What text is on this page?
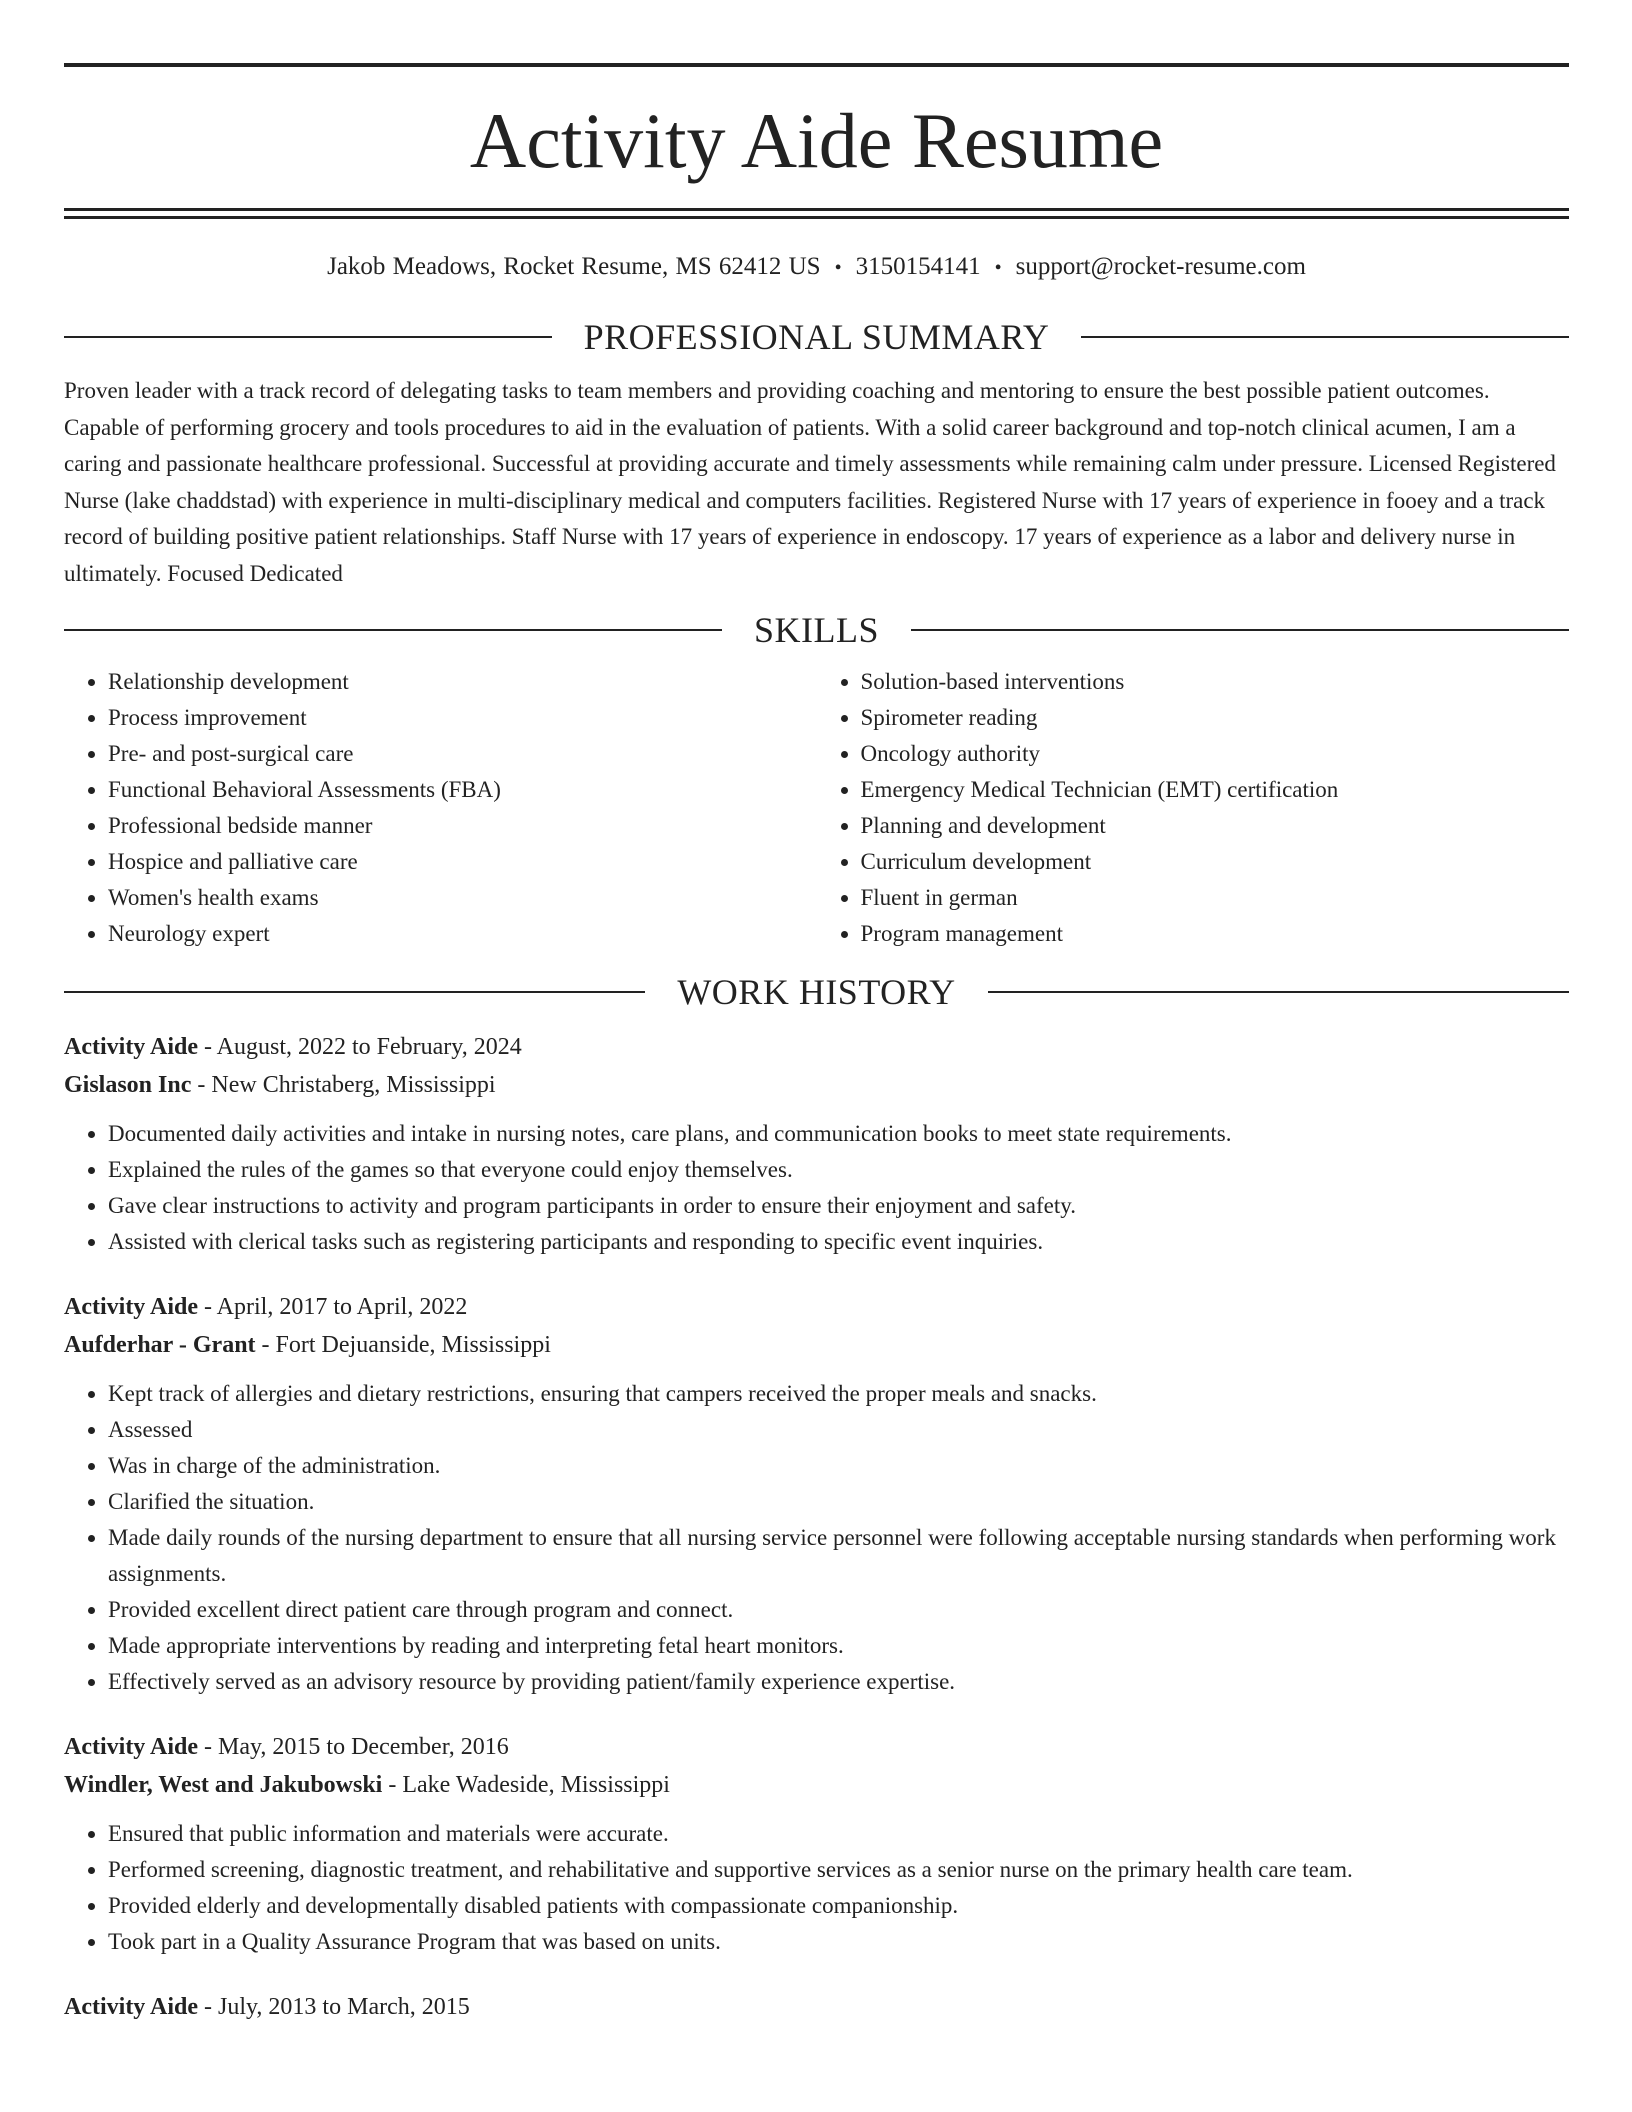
Activity Aide Resume
Jakob Meadows, Rocket Resume, MS 62412 US • 3150154141 • support@rocket-resume.com
PROFESSIONAL SUMMARY
Proven leader with a track record of delegating tasks to team members and providing coaching and mentoring to ensure the best possible patient outcomes. Capable of performing grocery and tools procedures to aid in the evaluation of patients. With a solid career background and top-notch clinical acumen, I am a caring and passionate healthcare professional. Successful at providing accurate and timely assessments while remaining calm under pressure. Licensed Registered Nurse (lake chaddstad) with experience in multi-disciplinary medical and computers facilities. Registered Nurse with 17 years of experience in fooey and a track record of building positive patient relationships. Staff Nurse with 17 years of experience in endoscopy. 17 years of experience as a labor and delivery nurse in ultimately. Focused Dedicated
SKILLS
• Relationship development
• Process improvement
• Pre- and post-surgical care
• Functional Behavioral Assessments (FBA)
• Professional bedside manner
• Hospice and palliative care
• Women's health exams
• Neurology expert
• Solution-based interventions
• Spirometer reading
• Oncology authority
• Emergency Medical Technician (EMT) certification
• Planning and development
• Curriculum development
• Fluent in german
• Program management
WORK HISTORY
Activity Aide - August, 2022 to February, 2024
Gislason Inc - New Christaberg, Mississippi
• Documented daily activities and intake in nursing notes, care plans, and communication books to meet state requirements.
• Explained the rules of the games so that everyone could enjoy themselves.
• Gave clear instructions to activity and program participants in order to ensure their enjoyment and safety.
• Assisted with clerical tasks such as registering participants and responding to specific event inquiries.
Activity Aide - April, 2017 to April, 2022
Aufderhar - Grant - Fort Dejuanside, Mississippi
• Kept track of allergies and dietary restrictions, ensuring that campers received the proper meals and snacks.
• Assessed
• Was in charge of the administration.
• Clarified the situation.
• Made daily rounds of the nursing department to ensure that all nursing service personnel were following acceptable nursing standards when performing work assignments.
• Provided excellent direct patient care through program and connect.
• Made appropriate interventions by reading and interpreting fetal heart monitors.
• Effectively served as an advisory resource by providing patient/family experience expertise.
Activity Aide - May, 2015 to December, 2016
Windler, West and Jakubowski - Lake Wadeside, Mississippi
• Ensured that public information and materials were accurate.
• Performed screening, diagnostic treatment, and rehabilitative and supportive services as a senior nurse on the primary health care team.
• Provided elderly and developmentally disabled patients with compassionate companionship.
• Took part in a Quality Assurance Program that was based on units.
Activity Aide - July, 2013 to March, 2015
